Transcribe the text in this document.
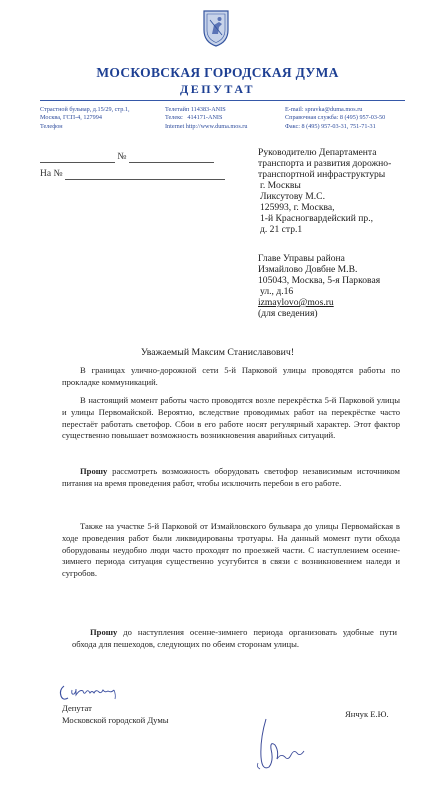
МОСКОВСКАЯ ГОРОДСКАЯ ДУМА
ДЕПУТАТ
Страстной бульвар, д.15/29, стр.1,
Москва, ГСП-4, 127994
Телефон
Телетайп 114383-ANIS
Телекс   414171-ANIS
Internet http://www.duma.mos.ru
E-mail: spravka@duma.mos.ru
Справочная служба: 8 (495) 957-03-50
Факс: 8 (495) 957-03-31, 751-71-31
№
На №
Руководителю Департамента
транспорта и развития дорожно-
транспортной инфраструктуры
г. Москвы
Ликсутову М.С.
125993, г. Москва,
1-й Красногвардейский пр.,
д. 21 стр.1
Главе Управы района
Измайлово Довбне М.В.
105043, Москва, 5-я Парковая
ул., д.16
izmaylovo@mos.ru
(для сведения)
Уважаемый Максим Станиславович!

В границах улично-дорожной сети 5-й Парковой улицы проводятся работы по прокладке коммуникаций.

В настоящий момент работы часто проводятся возле перекрёстка 5-й Парковой улицы и улицы Первомайской. Вероятно, вследствие проводимых работ на перекрёстке часто перестаёт работать светофор. Сбои в его работе носят регулярный характер. Этот фактор существенно повышает возможность возникновения аварийных ситуаций.

Прошу рассмотреть возможность оборудовать светофор независимым источником питания на время проведения работ, чтобы исключить перебои в его работе.

Также на участке 5-й Парковой от Измайловского бульвара до улицы Первомайская в ходе проведения работ были ликвидированы тротуары. На данный момент пути обхода оборудованы неудобно люди часто проходят по проезжей части. С наступлением осенне-зимнего периода ситуация существенно усугубится в связи с возникновением наледи и сугробов.

Прошу до наступления осенне-зимнего периода организовать удобные пути обхода для пешеходов, следующих по обеим сторонам улицы.

Депутат
Московской городской Думы
Янчук Е.Ю.
